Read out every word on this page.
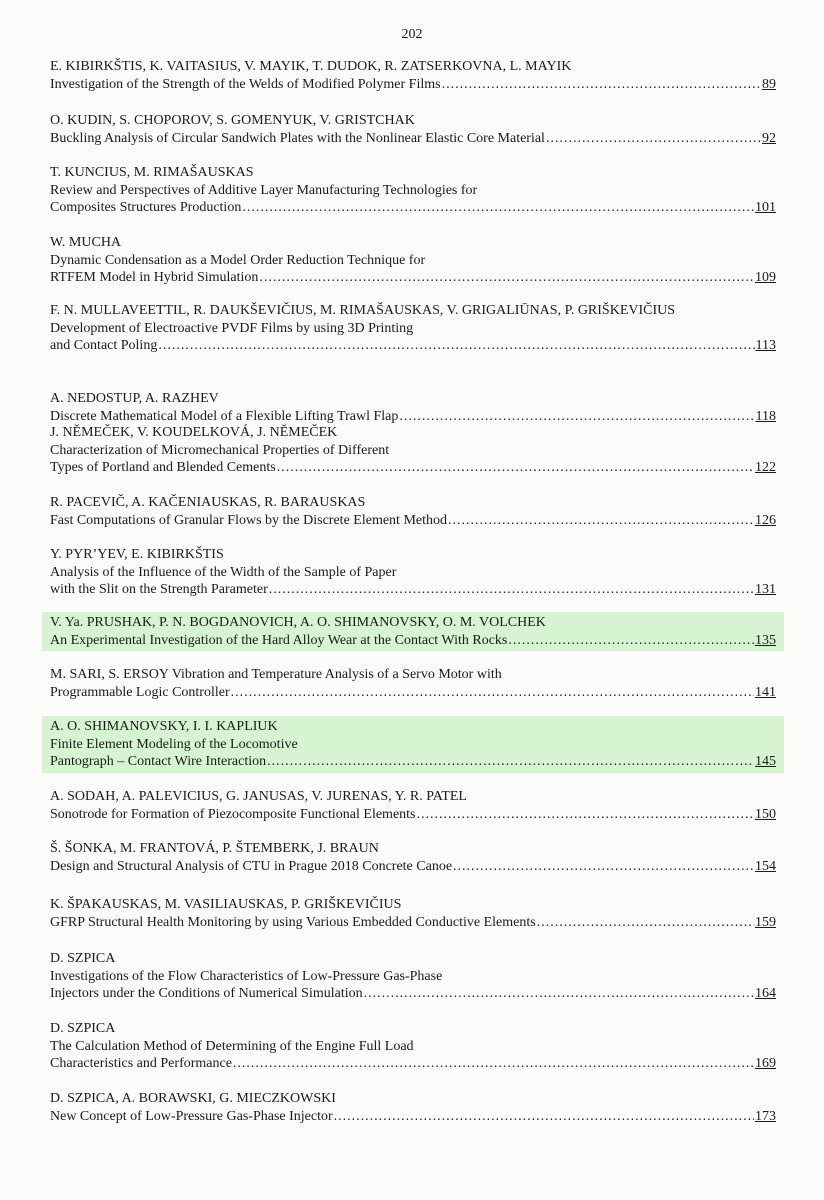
202
E. KIBIRKŠTIS, K. VAITASIUS, V. MAYIK, T. DUDOK, R. ZATSERKOVNA, L. MAYIK
Investigation of the Strength of the Welds of Modified Polymer Films .....	89
O. KUDIN, S. CHOPOROV, S. GOMENYUK, V. GRISTCHAK
Buckling Analysis of Circular Sandwich Plates with the Nonlinear Elastic Core Material .....	92
T. KUNCIUS, M. RIMAŠAUSKAS
Review and Perspectives of Additive Layer Manufacturing Technologies for
Composites Structures Production .....	101
W. MUCHA
Dynamic Condensation as a Model Order Reduction Technique for
RTFEM Model in Hybrid Simulation .....	109
F. N. MULLAVEETTIL, R. DAUKŠEVIČIUS, M. RIMAŠAUSKAS, V. GRIGALIŪNAS, P. GRIŠKEVIČIUS
Development of Electroactive PVDF Films by using 3D Printing
and Contact Poling .....	113
A. NEDOSTUP, A. RAZHEV
Discrete Mathematical Model of a Flexible Lifting Trawl Flap .....	118
J. NĚMEČEK, V. KOUDELKOVÁ, J. NĚMEČEK
Characterization of Micromechanical Properties of Different
Types of Portland and Blended Cements .....	122
R. PACEVIČ, A. KAČENIAUSKAS, R. BARAUSKAS
Fast Computations of Granular Flows by the Discrete Element Method .....	126
Y. PYR’YEV, E. KIBIRKŠTIS
Analysis of the Influence of the Width of the Sample of Paper
with the Slit on the Strength Parameter .....	131
V. Ya. PRUSHAK, P. N. BOGDANOVICH, A. O. SHIMANOVSKY, O. M. VOLCHEK
An Experimental Investigation of the Hard Alloy Wear at the Contact With Rocks .....	135
M. SARI, S. ERSOY Vibration and Temperature Analysis of a Servo Motor with
Programmable Logic Controller .....	141
A. O. SHIMANOVSKY, I. I. KAPLIUK
Finite Element Modeling of the Locomotive
Pantograph – Contact Wire Interaction .....	145
A. SODAH, A. PALEVICIUS, G. JANUSAS, V. JURENAS, Y. R. PATEL
Sonotrode for Formation of Piezocomposite Functional Elements .....	150
Š. ŠONKA, M. FRANTOVÁ, P. ŠTEMBERK, J. BRAUN
Design and Structural Analysis of CTU in Prague 2018 Concrete Canoe .....	154
K. ŠPAKAUSKAS, M. VASILIAUSKAS, P. GRIŠKEVIČIUS
GFRP Structural Health Monitoring by using Various Embedded Conductive Elements .....	159
D. SZPICA
Investigations of the Flow Characteristics of Low-Pressure Gas-Phase
Injectors under the Conditions of Numerical Simulation .....	164
D. SZPICA
The Calculation Method of Determining of the Engine Full Load
Characteristics and Performance .....	169
D. SZPICA, A. BORAWSKI, G. MIECZKOWSKI
New Concept of Low-Pressure Gas-Phase Injector .....	173
